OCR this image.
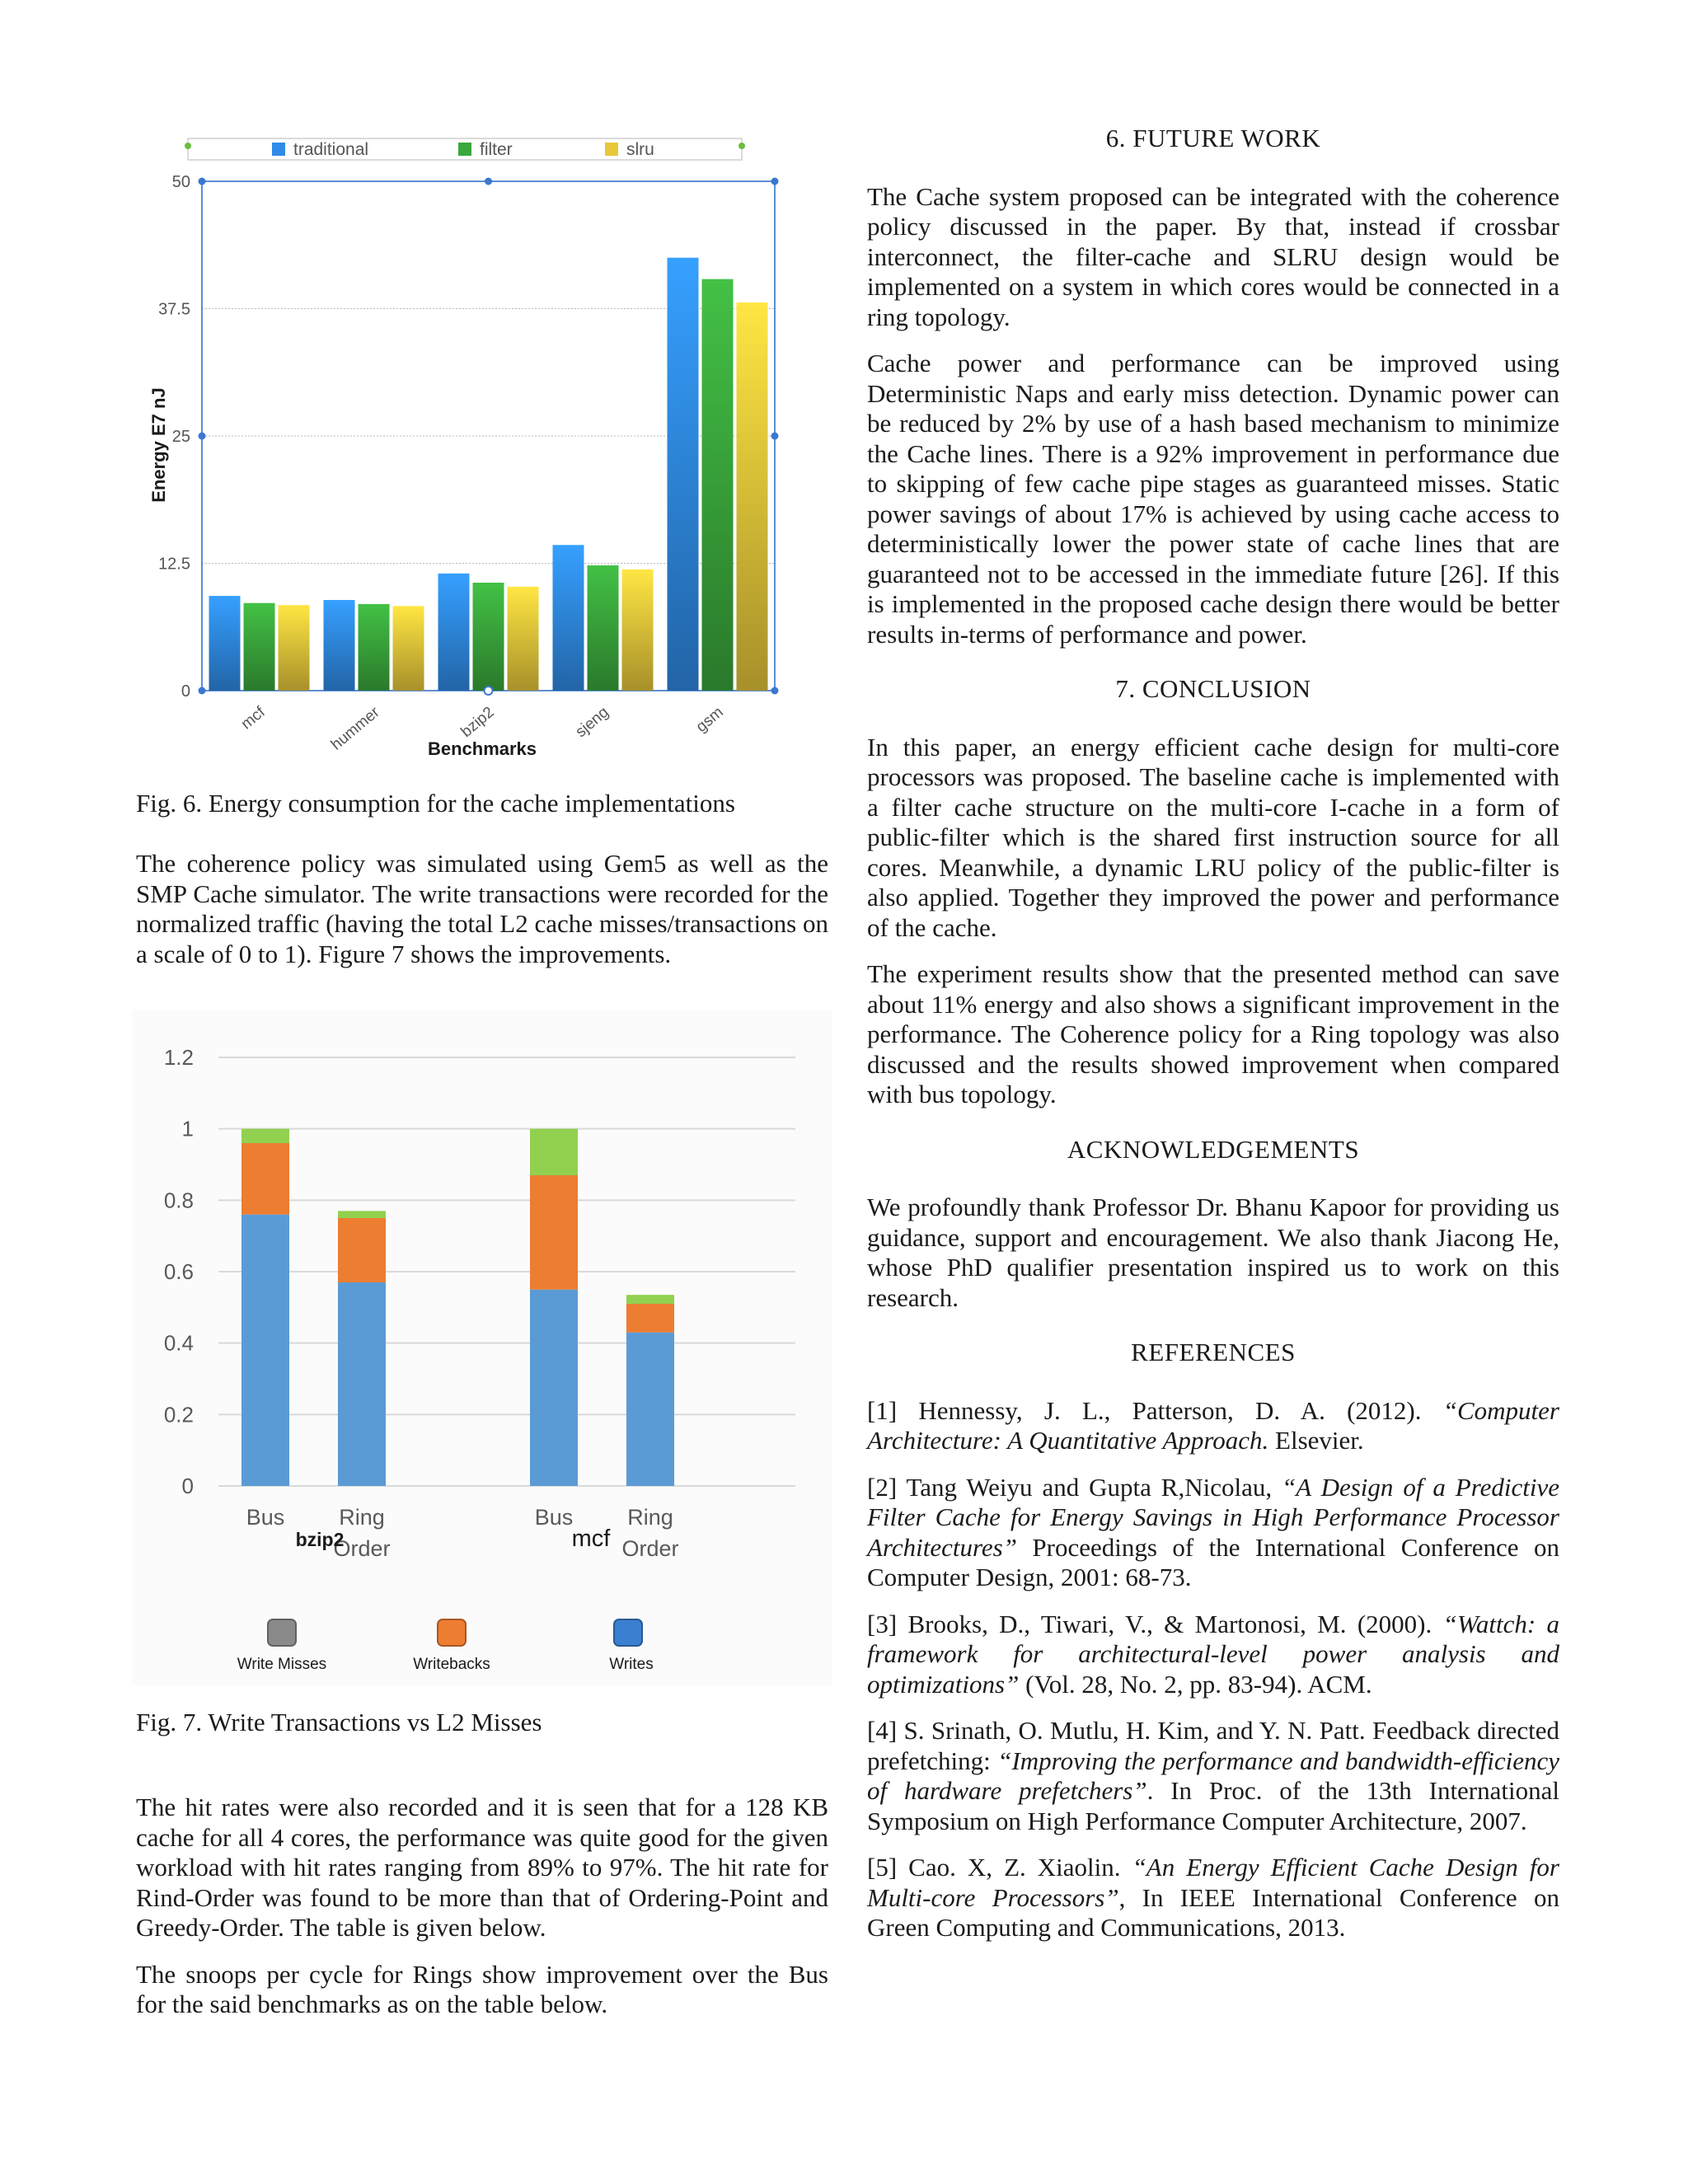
traditional	filter	slru
0
12.5
25
37.5
50
mcf	hummer	bzip2	sjeng	gsm
Benchmarks
Energy E7 nJ
Fig. 6. Energy consumption for the cache implementations

The coherence policy was simulated using Gem5 as well as the SMP Cache simulator. The write transactions were recorded for the normalized traffic (having the total L2 cache misses/transactions on a scale of 0 to 1). Figure 7 shows the improvements.

0
0.2
0.4
0.6
0.8
1
1.2
Bus Ring Order
Bus Ring Order
bzip2	mcf
Write Misses	Writebacks	Writes
Fig. 7. Write Transactions vs L2 Misses

The hit rates were also recorded and it is seen that for a 128 KB cache for all 4 cores, the performance was quite good for the given workload with hit rates ranging from 89% to 97%. The hit rate for Rind-Order was found to be more than that of Ordering-Point and Greedy-Order. The table is given below.

The snoops per cycle for Rings show improvement over the Bus for the said benchmarks as on the table below.

6. FUTURE WORK

The Cache system proposed can be integrated with the coherence policy discussed in the paper. By that, instead if crossbar interconnect, the filter-cache and SLRU design would be implemented on a system in which cores would be connected in a ring topology.

Cache power and performance can be improved using Deterministic Naps and early miss detection. Dynamic power can be reduced by 2% by use of a hash based mechanism to minimize the Cache lines. There is a 92% improvement in performance due to skipping of few cache pipe stages as guaranteed misses. Static power savings of about 17% is achieved by using cache access to deterministically lower the power state of cache lines that are guaranteed not to be accessed in the immediate future [26]. If this is implemented in the proposed cache design there would be better results in-terms of performance and power.

7. CONCLUSION

In this paper, an energy efficient cache design for multi-core processors was proposed. The baseline cache is implemented with a filter cache structure on the multi-core I-cache in a form of public-filter which is the shared first instruction source for all cores. Meanwhile, a dynamic LRU policy of the public-filter is also applied. Together they improved the power and performance of the cache.

The experiment results show that the presented method can save about 11% energy and also shows a significant improvement in the performance. The Coherence policy for a Ring topology was also discussed and the results showed improvement when compared with bus topology.

ACKNOWLEDGEMENTS

We profoundly thank Professor Dr. Bhanu Kapoor for providing us guidance, support and encouragement. We also thank Jiacong He, whose PhD qualifier presentation inspired us to work on this research.

REFERENCES

[1] Hennessy, J. L., Patterson, D. A. (2012). “Computer Architecture: A Quantitative Approach. Elsevier.

[2] Tang Weiyu and Gupta R,Nicolau, “A Design of a Predictive Filter Cache for Energy Savings in High Performance Processor Architectures” Proceedings of the International Conference on Computer Design, 2001: 68-73.

[3] Brooks, D., Tiwari, V., & Martonosi, M. (2000). “Wattch: a framework for architectural-level power analysis and optimizations” (Vol. 28, No. 2, pp. 83-94). ACM.

[4] S. Srinath, O. Mutlu, H. Kim, and Y. N. Patt. Feedback directed prefetching: “Improving the performance and bandwidth-efficiency of hardware prefetchers”. In Proc. of the 13th International Symposium on High Performance Computer Architecture, 2007.

[5] Cao. X, Z. Xiaolin. “An Energy Efficient Cache Design for Multi-core Processors”, In IEEE International Conference on Green Computing and Communications, 2013.
